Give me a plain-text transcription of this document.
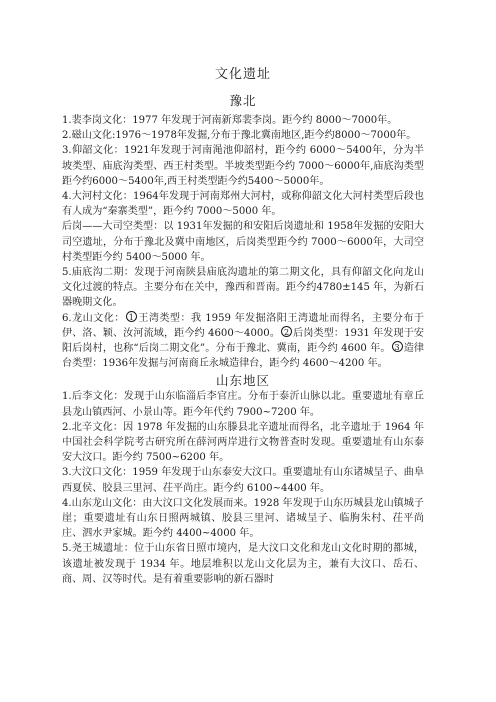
文化遗址
豫北

1.裴李岗文化：1977 年发现于河南新郑裴李岗。距今约 8000～7000年。

2.磁山文化:1976～1978年发掘,分布于豫北冀南地区,距今约8000～7000年。

3.仰韶文化：1921年发现于河南渑池仰韶村，距今约 6000～5400年，分为半坡类型、庙底沟类型、西王村类型。半坡类型距今约 7000～6000年,庙底沟类型距今约6000～5400年,西王村类型距今约5400～5000年。

4.大河村文化：1964年发现于河南郑州大河村，或称仰韶文化大河村类型后段也有人成为“秦寨类型”，距今约 7000～5000 年。

后岗——大司空类型：以 1931年发掘的和安阳后岗遗址和 1958年发掘的安阳大司空遗址，分布于豫北及冀中南地区，后岗类型距今约 7000～6000年，大司空村类型距今约 5400～5000 年。

5.庙底沟二期：发现于河南陕县庙底沟遗址的第二期文化，具有仰韶文化向龙山文化过渡的特点。主要分布在关中，豫西和晋南。距今约4780±145 年，为新石器晚期文化。

6.龙山文化： 1 王湾类型：我 1959 年发掘洛阳王湾遗址而得名，主要分布于伊、洛、颖、汝河流域，距今约 4600～4000。 2 后岗类型：1931 年发现于安阳后岗村，也称“后岗二期文化”。分布于豫北、冀南，距今约 4600 年。 3 造律台类型：1936年发掘与河南商丘永城造律台，距今约 4600～4200 年。

山东地区

1.后李文化：发现于山东临淄后李官庄。分布于泰沂山脉以北。重要遗址有章丘县龙山镇西河、小景山等。距今年代约 7900~7200 年。

2.北辛文化：因 1978 年发掘的山东滕县北辛遗址而得名，北辛遗址于 1964 年中国社会科学院考古研究所在薛河两岸进行文物普查时发现。重要遗址有山东泰安大汶口。距今约 7500~6200 年。

3.大汶口文化：1959 年发现于山东泰安大汶口。重要遗址有山东诸城呈子、曲阜西夏侯、胶县三里河、茌平尚庄。距今约 6100~4400 年。

4.山东龙山文化：由大汶口文化发展而来。1928 年发现于山东历城县龙山镇城子崖；重要遗址有山东日照两城镇、胶县三里河、诸城呈子、临朐朱村、茌平尚庄、泗水尹家城。距今约 4400~4000 年。

5.尧王城遗址：位于山东省日照市境内，是大汶口文化和龙山文化时期的都城，该遗址被发现于 1934 年。地层堆积以龙山文化层为主，兼有大汶口、岳石、商、周、汉等时代。是有着重要影响的新石器时
